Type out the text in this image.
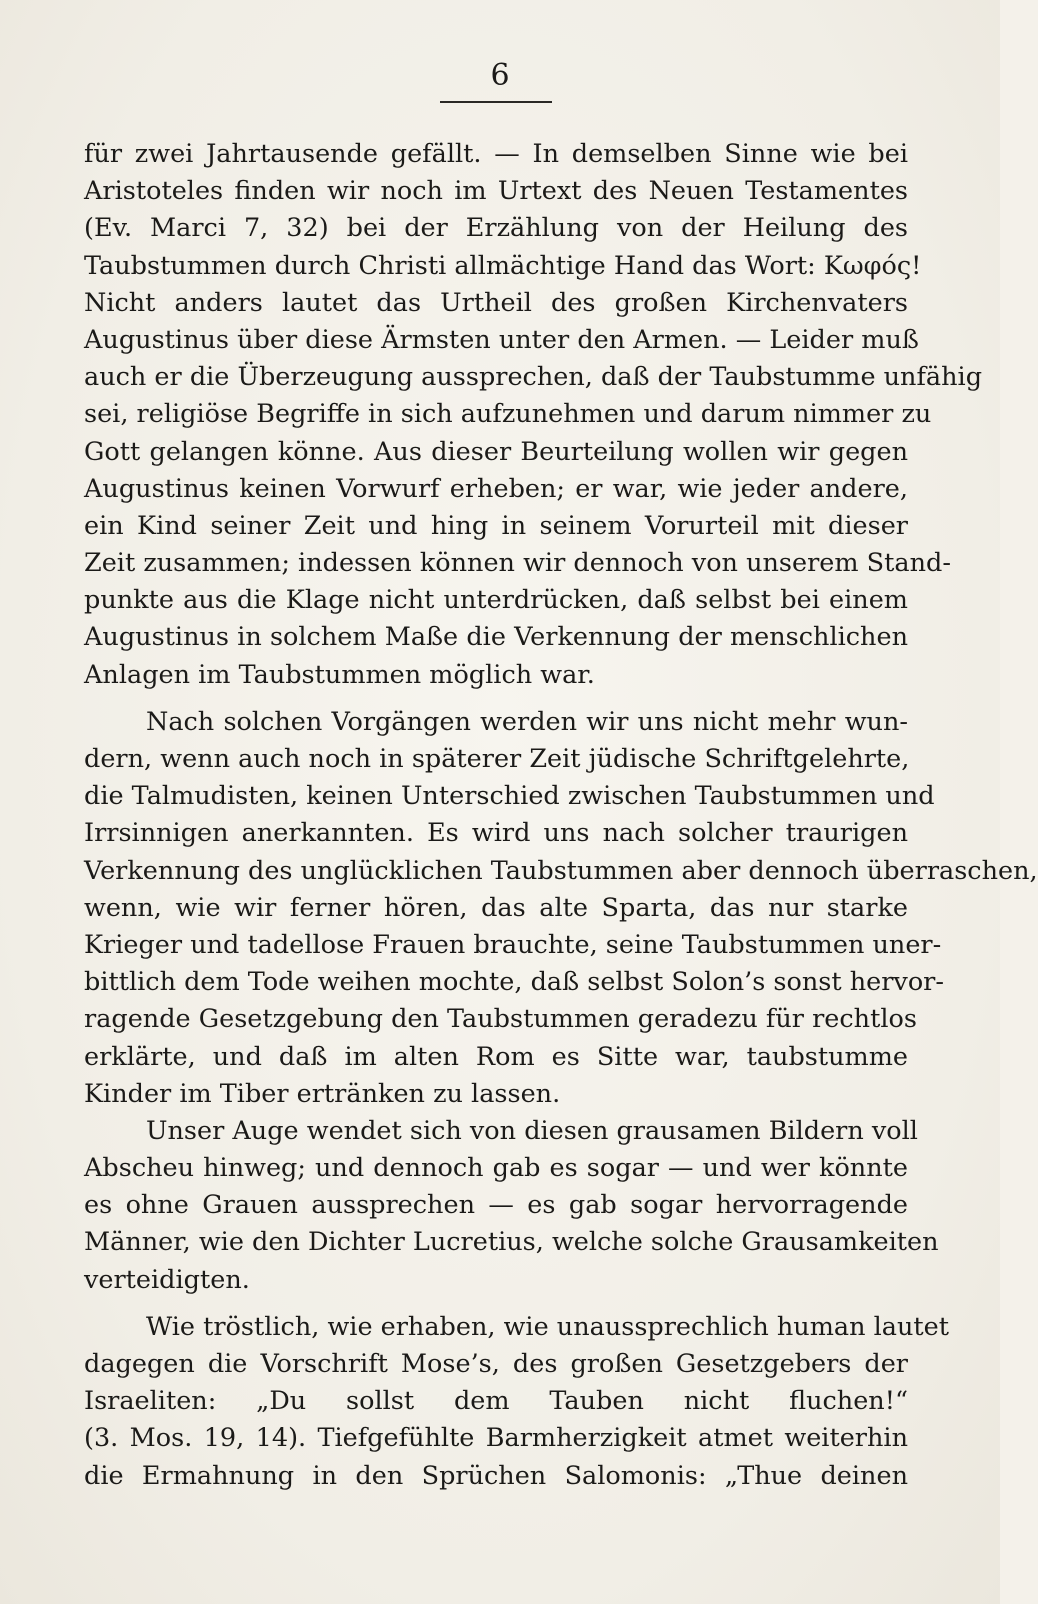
6
für zwei Jahrtausende gefällt. — In demselben Sinne wie bei
Aristoteles finden wir noch im Urtext des Neuen Testamentes
(Ev. Marci 7, 32) bei der Erzählung von der Heilung des
Taubstummen durch Christi allmächtige Hand das Wort: Κωφός!
Nicht anders lautet das Urtheil des großen Kirchenvaters
Augustinus über diese Ärmsten unter den Armen. — Leider muß
auch er die Überzeugung aussprechen, daß der Taubstumme unfähig
sei, religiöse Begriffe in sich aufzunehmen und darum nimmer zu
Gott gelangen könne. Aus dieser Beurteilung wollen wir gegen
Augustinus keinen Vorwurf erheben; er war, wie jeder andere,
ein Kind seiner Zeit und hing in seinem Vorurteil mit dieser
Zeit zusammen; indessen können wir dennoch von unserem Stand-
punkte aus die Klage nicht unterdrücken, daß selbst bei einem
Augustinus in solchem Maße die Verkennung der menschlichen
Anlagen im Taubstummen möglich war.
Nach solchen Vorgängen werden wir uns nicht mehr wun-
dern, wenn auch noch in späterer Zeit jüdische Schriftgelehrte,
die Talmudisten, keinen Unterschied zwischen Taubstummen und
Irrsinnigen anerkannten. Es wird uns nach solcher traurigen
Verkennung des unglücklichen Taubstummen aber dennoch überraschen,
wenn, wie wir ferner hören, das alte Sparta, das nur starke
Krieger und tadellose Frauen brauchte, seine Taubstummen uner-
bittlich dem Tode weihen mochte, daß selbst Solon’s sonst hervor-
ragende Gesetzgebung den Taubstummen geradezu für rechtlos
erklärte, und daß im alten Rom es Sitte war, taubstumme
Kinder im Tiber ertränken zu lassen.
Unser Auge wendet sich von diesen grausamen Bildern voll
Abscheu hinweg; und dennoch gab es sogar — und wer könnte
es ohne Grauen aussprechen — es gab sogar hervorragende
Männer, wie den Dichter Lucretius, welche solche Grausamkeiten
verteidigten.
Wie tröstlich, wie erhaben, wie unaussprechlich human lautet
dagegen die Vorschrift Mose’s, des großen Gesetzgebers der
Israeliten: „Du sollst dem Tauben nicht fluchen!“
(3. Mos. 19, 14). Tiefgefühlte Barmherzigkeit atmet weiterhin
die Ermahnung in den Sprüchen Salomonis: „Thue deinen
